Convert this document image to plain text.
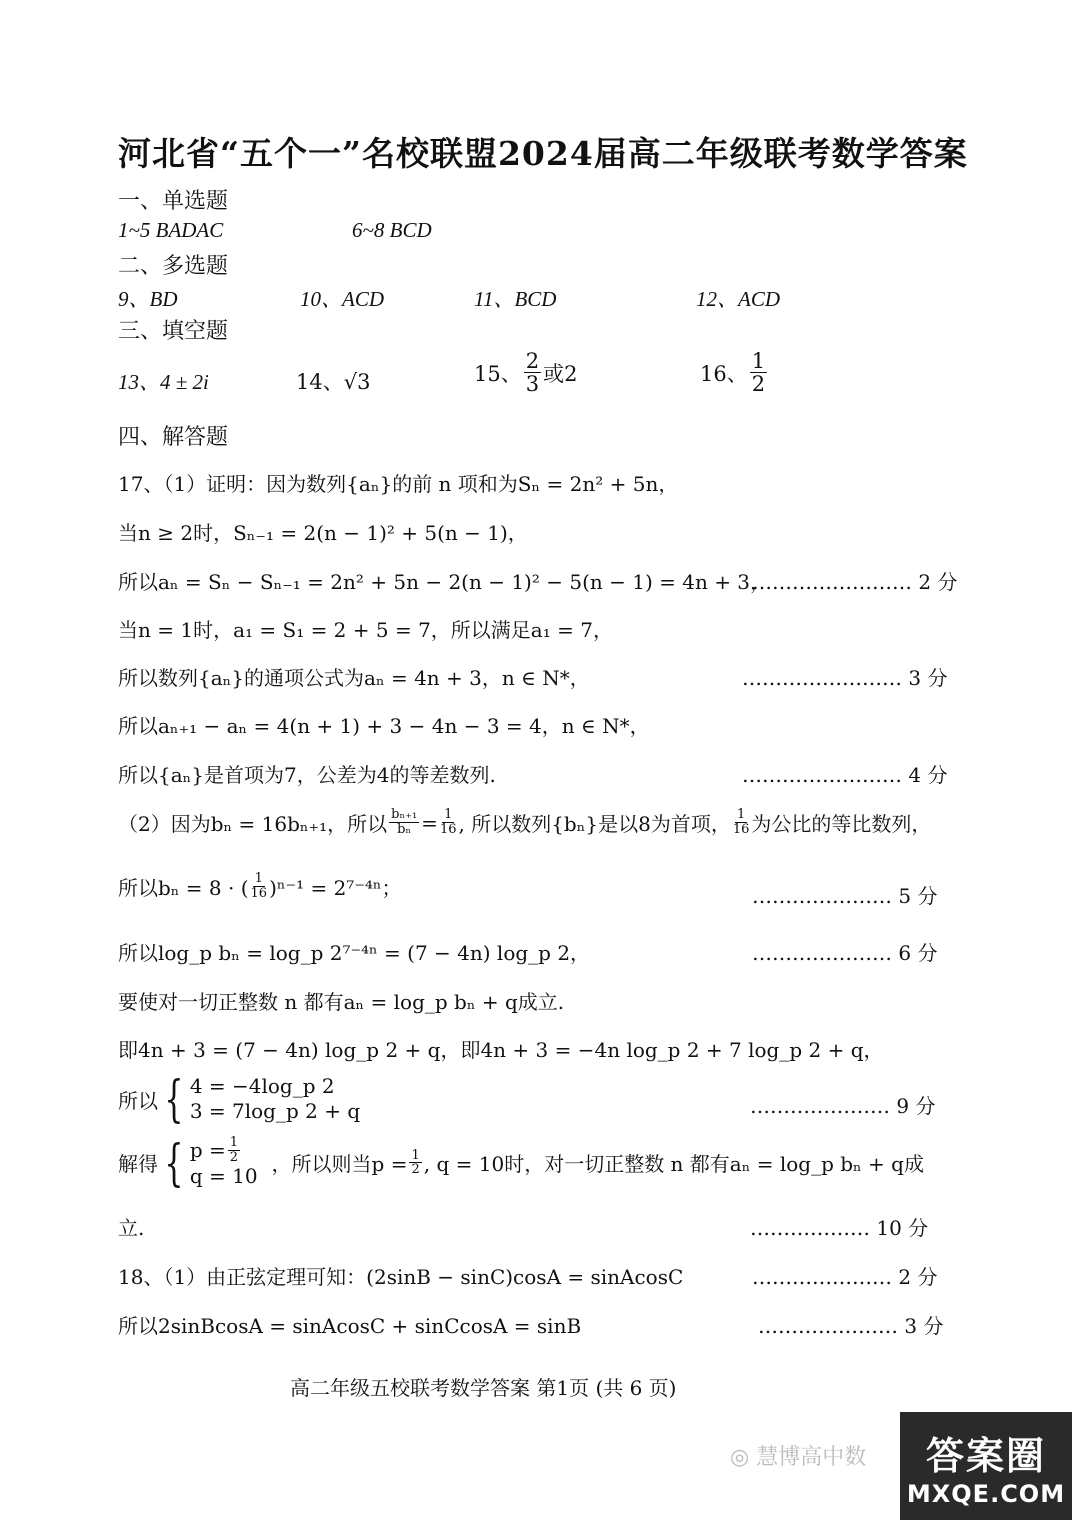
河北省“五个一”名校联盟2024届高二年级联考数学答案
一、单选题
1~5 BADAC	6~8 BCD
二、多选题
9、BD	10、ACD	11、BCD	12、ACD
三、填空题
13、4 ± 2i	14、√3	15、 $\frac{2}{3}$ 或2	16、 $\frac{1}{2}$
四、解答题
17、（1）证明：因为数列{aₙ}的前 n 项和为Sₙ = 2n² + 5n，
当n ≥ 2时，Sₙ₋₁ = 2(n − 1)² + 5(n − 1)，
所以aₙ = Sₙ − Sₙ₋₁ = 2n² + 5n − 2(n − 1)² − 5(n − 1) = 4n + 3，
…………………… 2 分
当n = 1时，a₁ = S₁ = 2 + 5 = 7，所以满足a₁ = 7，
所以数列{aₙ}的通项公式为aₙ = 4n + 3，n ∈ N*，	…………………… 3 分
所以aₙ₊₁ − aₙ = 4(n + 1) + 3 − 4n − 3 = 4，n ∈ N*，
所以{aₙ}是首项为7，公差为4的等差数列.	…………………… 4 分
（2）因为bₙ = 16bₙ₊₁，所以 $\frac{\text{bₙ₊₁}}{\text{bₙ}} = \frac{1}{16}$ , 所以数列{bₙ}是以8为首项， $\frac{1}{16}$ 为公比的等比数列，
所以bₙ = 8 · ( $\frac{1}{16} )^{n-1} = 2^{7-4n}$；	………………… 5 分
所以log_p bₙ = log_p 2⁷⁻⁴ⁿ = (7 − 4n) log_p 2，	………………… 6 分
要使对一切正整数 n 都有aₙ = log_p bₙ + q成立.
即4n + 3 = (7 − 4n) log_p 2 + q，即4n + 3 = −4n log_p 2 + 7 log_p 2 + q，
所以 { 4 = −4log_p 2
3 = 7log_p 2 + q	………………… 9 分
解得 { $p = \frac{1}{2}$
q = 10
，所以则当$p = \frac{1}{2}$ , q = 10时，对一切正整数 n 都有aₙ = log_p bₙ + q成
立.	……………… 10 分
18、（1）由正弦定理可知：(2sinB − sinC)cosA = sinAcosC	………………… 2 分
所以2sinBcosA = sinAcosC + sinCcosA = sinB	………………… 3 分
高二年级五校联考数学答案 第1页 (共 6 页)
◎ 慧博高中数 答案圈
MXQE.COM
